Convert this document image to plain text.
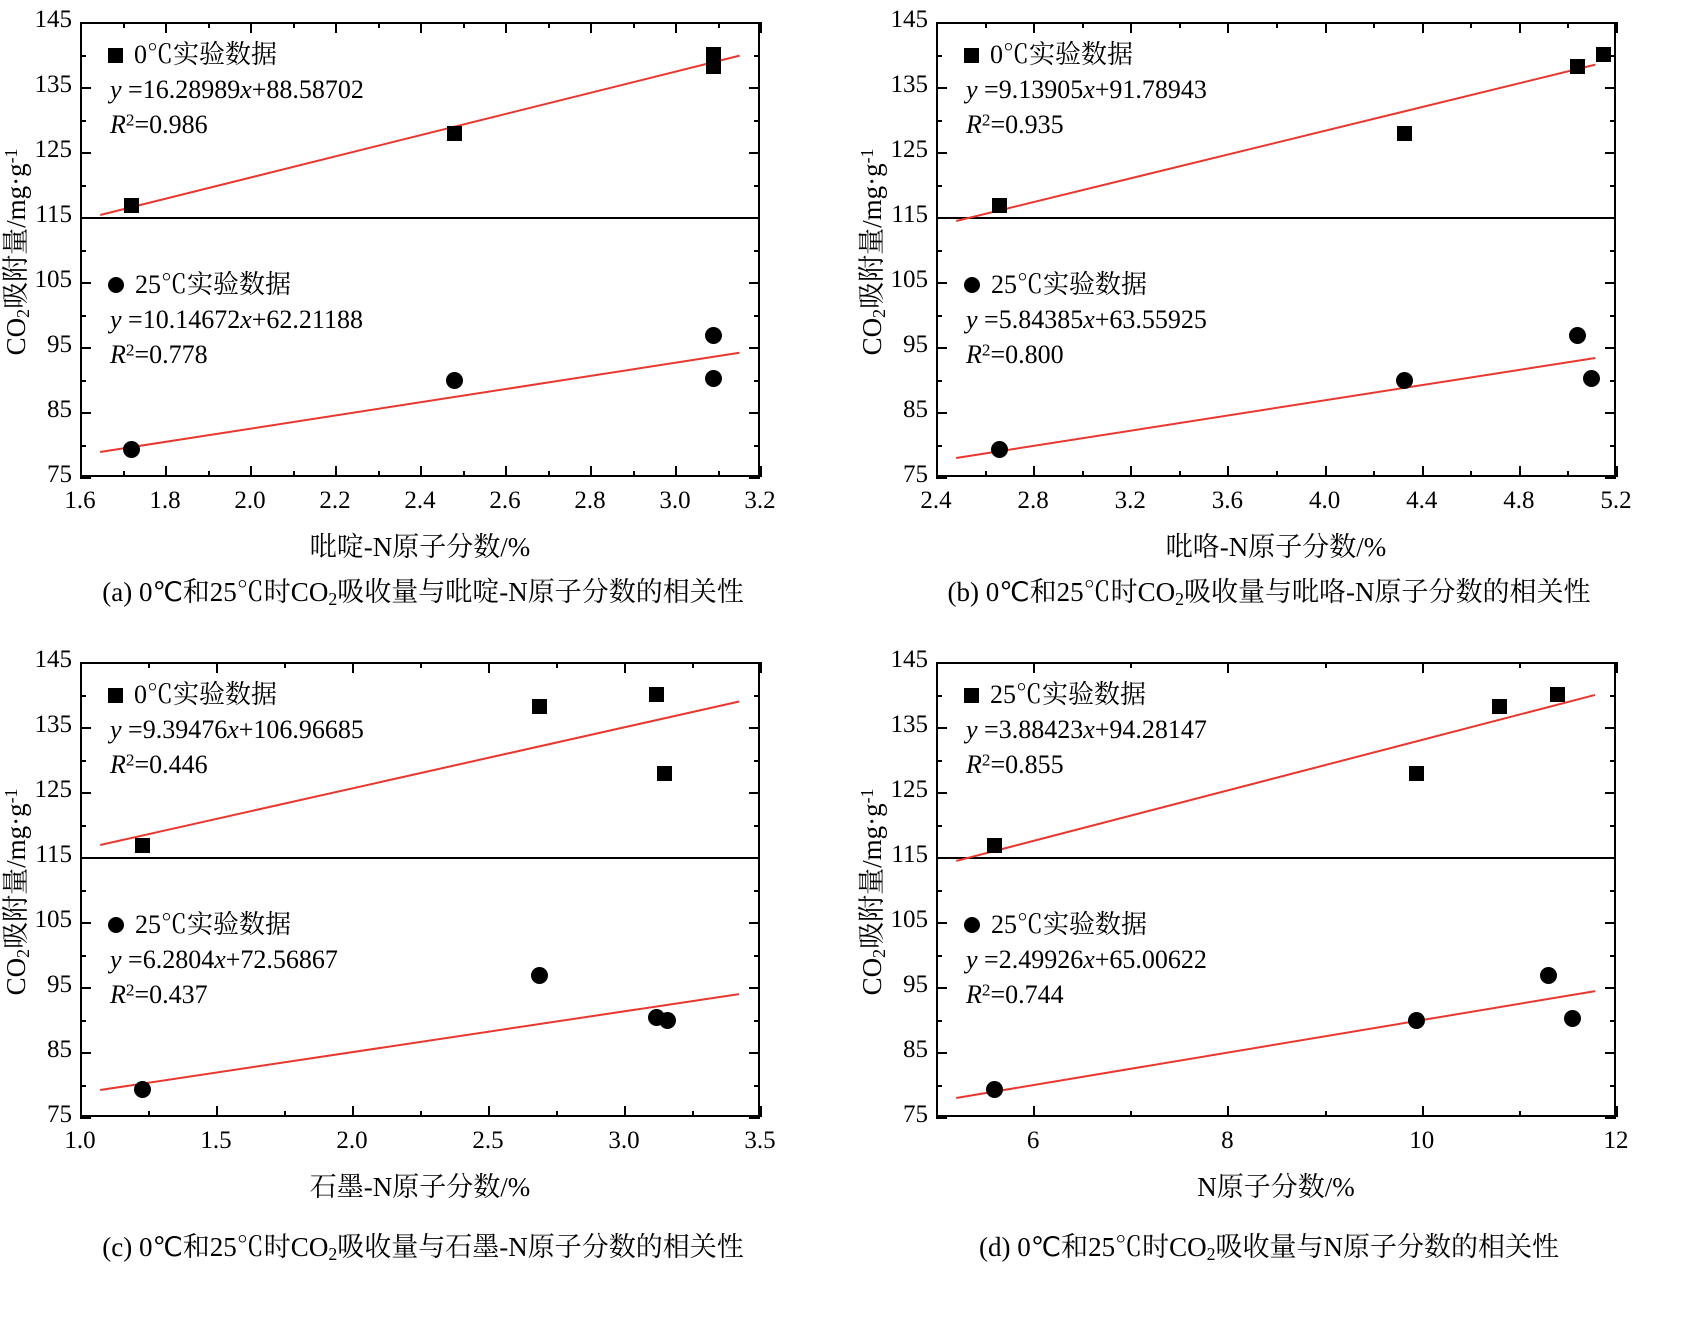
75
85
95
105
115
125
135
145
1.6	1.8	2.0	2.2	2.4	2.6	2.8	3.0	3.2
吡啶-N原子分数/%
$CO_2$吸附量$/mg\cdot g^{-1}$
0℃实验数据
y =16.28989x+88.58702
$R^2=0.986$
25℃实验数据
y =10.14672x+62.21188
$R^2=0.778$
(a) 0℃和25℃时$CO_2$吸收量与吡啶-N原子分数的相关性
75
85
95
105
115
125
135
145
2.4	2.8	3.2	3.6	4.0	4.4	4.8	5.2
吡咯-N原子分数/%
$CO_2$吸附量$/mg\cdot g^{-1}$
0℃实验数据
y =9.13905x+91.78943
$R^2=0.935$
25℃实验数据
y =5.84385x+63.55925
$R^2=0.800$
(b) 0℃和25℃时$CO_2$吸收量与吡咯-N原子分数的相关性
75
85
95
105
115
125
135
145
1.0	1.5	2.0	2.5	3.0	3.5
石墨-N原子分数/%
$CO_2$吸附量$/mg\cdot g^{-1}$
0℃实验数据
y =9.39476x+106.96685
$R^2=0.446$
25℃实验数据
y =6.2804x+72.56867
$R^2=0.437$
(c) 0℃和25℃时$CO_2$吸收量与石墨-N原子分数的相关性
75
85
95
105
115
125
135
145
6	8	10	12
N原子分数/%
$CO_2$吸附量$/mg\cdot g^{-1}$
25℃实验数据
y =3.88423x+94.28147
$R^2=0.855$
25℃实验数据
y =2.49926x+65.00622
$R^2=0.744$
(d) 0℃和25℃时$CO_2$吸收量与N原子分数的相关性
